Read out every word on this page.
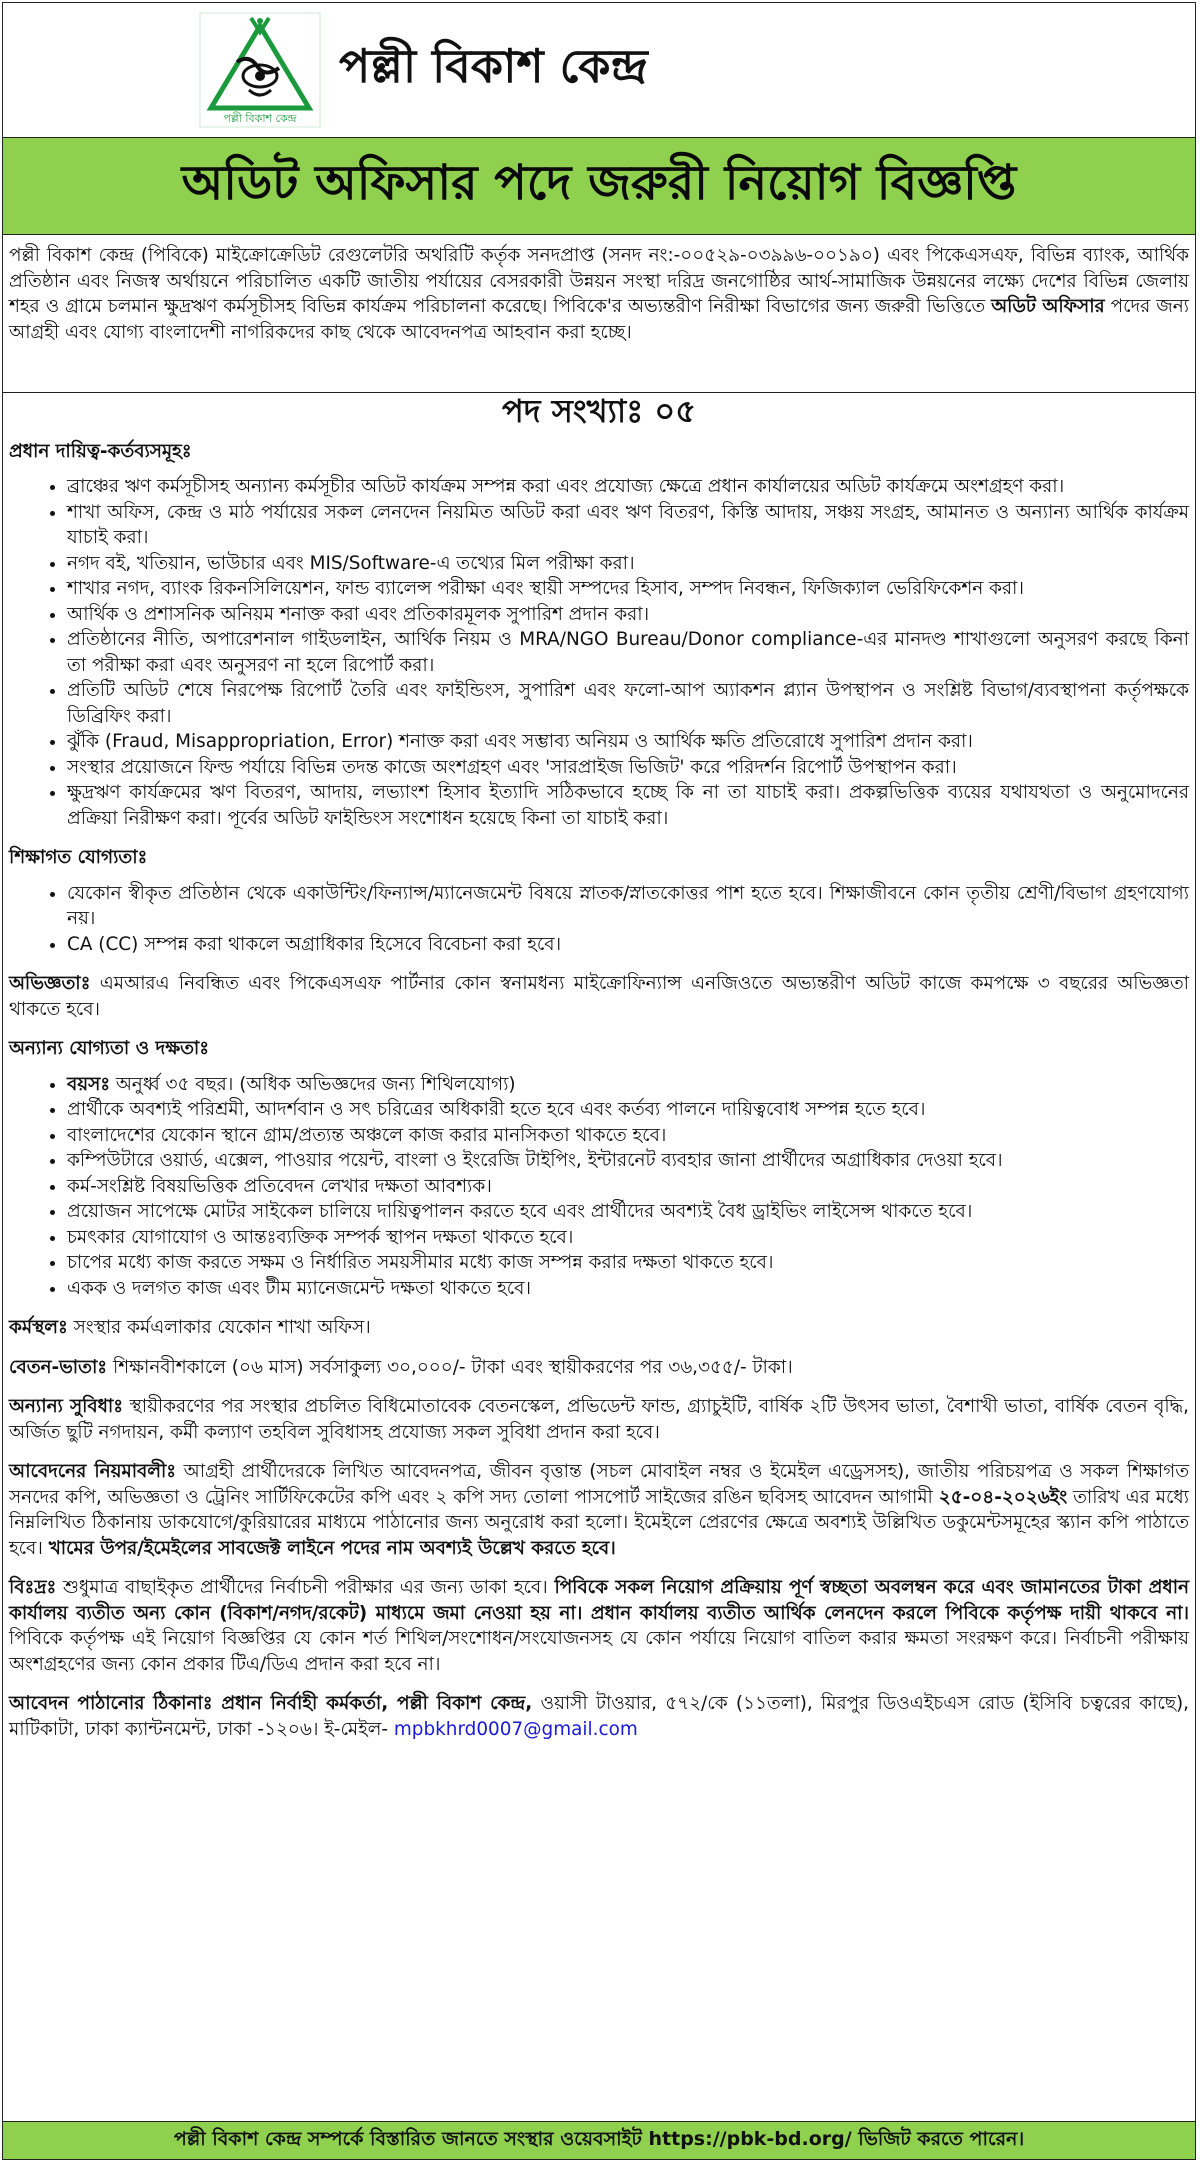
পল্লী বিকাশ কেন্দ্র
পল্লী বিকাশ কেন্দ্র
অডিট অফিসার পদে জরুরী নিয়োগ বিজ্ঞপ্তি
পল্লী বিকাশ কেন্দ্র (পিবিকে) মাইক্রোক্রেডিট রেগুলেটরি অথরিটি কর্তৃক সনদপ্রাপ্ত (সনদ নং:-০০৫২৯-০৩৯৯৬-০০১৯০) এবং পিকেএসএফ, বিভিন্ন ব্যাংক, আর্থিক প্রতিষ্ঠান এবং নিজস্ব অর্থায়নে পরিচালিত একটি জাতীয় পর্যায়ের বেসরকারী উন্নয়ন সংস্থা দরিদ্র জনগোষ্ঠির আর্থ-সামাজিক উন্নয়নের লক্ষ্যে দেশের বিভিন্ন জেলায় শহর ও গ্রামে চলমান ক্ষুদ্রঋণ কর্মসূচীসহ বিভিন্ন কার্যক্রম পরিচালনা করেছে। পিবিকে'র অভ্যন্তরীণ নিরীক্ষা বিভাগের জন্য জরুরী ভিত্তিতে অডিট অফিসার পদের জন্য আগ্রহী এবং যোগ্য বাংলাদেশী নাগরিকদের কাছ থেকে আবেদনপত্র আহবান করা হচ্ছে।
পদ সংখ্যাঃ ০৫
প্রধান দায়িত্ব-কর্তব্যসমূহঃ
• ব্রাঞ্চের ঋণ কর্মসূচীসহ অন্যান্য কর্মসূচীর অডিট কার্যক্রম সম্পন্ন করা এবং প্রযোজ্য ক্ষেত্রে প্রধান কার্যালয়ের অডিট কার্যক্রমে অংশগ্রহণ করা।
• শাখা অফিস, কেন্দ্র ও মাঠ পর্যায়ের সকল লেনদেন নিয়মিত অডিট করা এবং ঋণ বিতরণ, কিস্তি আদায়, সঞ্চয় সংগ্রহ, আমানত ও অন্যান্য আর্থিক কার্যক্রম যাচাই করা।
• নগদ বই, খতিয়ান, ভাউচার এবং MIS/Software-এ তথ্যের মিল পরীক্ষা করা।
• শাখার নগদ, ব্যাংক রিকনসিলিয়েশন, ফান্ড ব্যালেন্স পরীক্ষা এবং স্থায়ী সম্পদের হিসাব, সম্পদ নিবন্ধন, ফিজিক্যাল ভেরিফিকেশন করা।
• আর্থিক ও প্রশাসনিক অনিয়ম শনাক্ত করা এবং প্রতিকারমূলক সুপারিশ প্রদান করা।
• প্রতিষ্ঠানের নীতি, অপারেশনাল গাইডলাইন, আর্থিক নিয়ম ও MRA/NGO Bureau/Donor compliance-এর মানদণ্ড শাখাগুলো অনুসরণ করছে কিনা তা পরীক্ষা করা এবং অনুসরণ না হলে রিপোর্ট করা।
• প্রতিটি অডিট শেষে নিরপেক্ষ রিপোর্ট তৈরি এবং ফাইন্ডিংস, সুপারিশ এবং ফলো-আপ অ্যাকশন প্ল্যান উপস্থাপন ও সংশ্লিষ্ট বিভাগ/ব্যবস্থাপনা কর্তৃপক্ষকে ডিব্রিফিং করা।
• ঝুঁকি (Fraud, Misappropriation, Error) শনাক্ত করা এবং সম্ভাব্য অনিয়ম ও আর্থিক ক্ষতি প্রতিরোধে সুপারিশ প্রদান করা।
• সংস্থার প্রয়োজনে ফিল্ড পর্যায়ে বিভিন্ন তদন্ত কাজে অংশগ্রহণ এবং 'সারপ্রাইজ ভিজিট' করে পরিদর্শন রিপোর্ট উপস্থাপন করা।
• ক্ষুদ্রঋণ কার্যক্রমের ঋণ বিতরণ, আদায়, লভ্যাংশ হিসাব ইত্যাদি সঠিকভাবে হচ্ছে কি না তা যাচাই করা। প্রকল্পভিত্তিক ব্যয়ের যথাযথতা ও অনুমোদনের প্রক্রিয়া নিরীক্ষণ করা। পূর্বের অডিট ফাইন্ডিংস সংশোধন হয়েছে কিনা তা যাচাই করা।
শিক্ষাগত যোগ্যতাঃ
• যেকোন স্বীকৃত প্রতিষ্ঠান থেকে একাউন্টিং/ফিন্যান্স/ম্যানেজমেন্ট বিষয়ে স্নাতক/স্নাতকোত্তর পাশ হতে হবে। শিক্ষাজীবনে কোন তৃতীয় শ্রেণী/বিভাগ গ্রহণযোগ্য নয়।
• CA (CC) সম্পন্ন করা থাকলে অগ্রাধিকার হিসেবে বিবেচনা করা হবে।
অভিজ্ঞতাঃ এমআরএ নিবন্ধিত এবং পিকেএসএফ পার্টনার কোন স্বনামধন্য মাইক্রোফিন্যান্স এনজিওতে অভ্যন্তরীণ অডিট কাজে কমপক্ষে ৩ বছরের অভিজ্ঞতা থাকতে হবে।
অন্যান্য যোগ্যতা ও দক্ষতাঃ
• বয়সঃ অনুর্ধ্ব ৩৫ বছর। (অধিক অভিজ্ঞদের জন্য শিথিলযোগ্য)
• প্রার্থীকে অবশ্যই পরিশ্রমী, আদর্শবান ও সৎ চরিত্রের অধিকারী হতে হবে এবং কর্তব্য পালনে দায়িত্ববোধ সম্পন্ন হতে হবে।
• বাংলাদেশের যেকোন স্থানে গ্রাম/প্রত্যন্ত অঞ্চলে কাজ করার মানসিকতা থাকতে হবে।
• কম্পিউটারে ওয়ার্ড, এক্সেল, পাওয়ার পয়েন্ট, বাংলা ও ইংরেজি টাইপিং, ইন্টারনেট ব্যবহার জানা প্রার্থীদের অগ্রাধিকার দেওয়া হবে।
• কর্ম-সংশ্লিষ্ট বিষয়ভিত্তিক প্রতিবেদন লেখার দক্ষতা আবশ্যক।
• প্রয়োজন সাপেক্ষে মোটর সাইকেল চালিয়ে দায়িত্বপালন করতে হবে এবং প্রার্থীদের অবশ্যই বৈধ ড্রাইভিং লাইসেন্স থাকতে হবে।
• চমৎকার যোগাযোগ ও আন্তঃব্যক্তিক সম্পর্ক স্থাপন দক্ষতা থাকতে হবে।
• চাপের মধ্যে কাজ করতে সক্ষম ও নির্ধারিত সময়সীমার মধ্যে কাজ সম্পন্ন করার দক্ষতা থাকতে হবে।
• একক ও দলগত কাজ এবং টীম ম্যানেজমেন্ট দক্ষতা থাকতে হবে।
কর্মস্থলঃ সংস্থার কর্মএলাকার যেকোন শাখা অফিস।
বেতন-ভাতাঃ শিক্ষানবীশকালে (০৬ মাস) সর্বসাকুল্য ৩০,০০০/- টাকা এবং স্থায়ীকরণের পর ৩৬,৩৫৫/- টাকা।
অন্যান্য সুবিধাঃ স্থায়ীকরণের পর সংস্থার প্রচলিত বিধিমোতাবেক বেতনস্কেল, প্রভিডেন্ট ফান্ড, গ্র্যাচুইটি, বার্ষিক ২টি উৎসব ভাতা, বৈশাখী ভাতা, বার্ষিক বেতন বৃদ্ধি, অর্জিত ছুটি নগদায়ন, কর্মী কল্যাণ তহবিল সুবিধাসহ প্রযোজ্য সকল সুবিধা প্রদান করা হবে।
আবেদনের নিয়মাবলীঃ আগ্রহী প্রার্থীদেরকে লিখিত আবেদনপত্র, জীবন বৃত্তান্ত (সচল মোবাইল নম্বর ও ইমেইল এড্রেসসহ), জাতীয় পরিচয়পত্র ও সকল শিক্ষাগত সনদের কপি, অভিজ্ঞতা ও ট্রেনিং সার্টিফিকেটের কপি এবং ২ কপি সদ্য তোলা পাসপোর্ট সাইজের রঙিন ছবিসহ আবেদন আগামী ২৫-০৪-২০২৬ইং তারিখ এর মধ্যে নিম্নলিখিত ঠিকানায় ডাকযোগে/কুরিয়ারের মাধ্যমে পাঠানোর জন্য অনুরোধ করা হলো। ইমেইলে প্রেরণের ক্ষেত্রে অবশ্যই উল্লিখিত ডকুমেন্টসমূহের স্ক্যান কপি পাঠাতে হবে। খামের উপর/ইমেইলের সাবজেক্ট লাইনে পদের নাম অবশ্যই উল্লেখ করতে হবে।
বিঃদ্রঃ শুধুমাত্র বাছাইকৃত প্রার্থীদের নির্বাচনী পরীক্ষার এর জন্য ডাকা হবে। পিবিকে সকল নিয়োগ প্রক্রিয়ায় পূর্ণ স্বচ্ছতা অবলম্বন করে এবং জামানতের টাকা প্রধান কার্যালয় ব্যতীত অন্য কোন (বিকাশ/নগদ/রকেট) মাধ্যমে জমা নেওয়া হয় না। প্রধান কার্যালয় ব্যতীত আর্থিক লেনদেন করলে পিবিকে কর্তৃপক্ষ দায়ী থাকবে না। পিবিকে কর্তৃপক্ষ এই নিয়োগ বিজ্ঞপ্তির যে কোন শর্ত শিথিল/সংশোধন/সংযোজনসহ যে কোন পর্যায়ে নিয়োগ বাতিল করার ক্ষমতা সংরক্ষণ করে। নির্বাচনী পরীক্ষায় অংশগ্রহণের জন্য কোন প্রকার টিএ/ডিএ প্রদান করা হবে না।
আবেদন পাঠানোর ঠিকানাঃ প্রধান নির্বাহী কর্মকর্তা, পল্লী বিকাশ কেন্দ্র, ওয়াসী টাওয়ার, ৫৭২/কে (১১তলা), মিরপুর ডিওএইচএস রোড (ইসিবি চত্বরের কাছে), মাটিকাটা, ঢাকা ক্যান্টনমেন্ট, ঢাকা -১২০৬। ই-মেইল- mpbkhrd0007@gmail.com
পল্লী বিকাশ কেন্দ্র সম্পর্কে বিস্তারিত জানতে সংস্থার ওয়েবসাইট https://pbk-bd.org/ ভিজিট করতে পারেন।
